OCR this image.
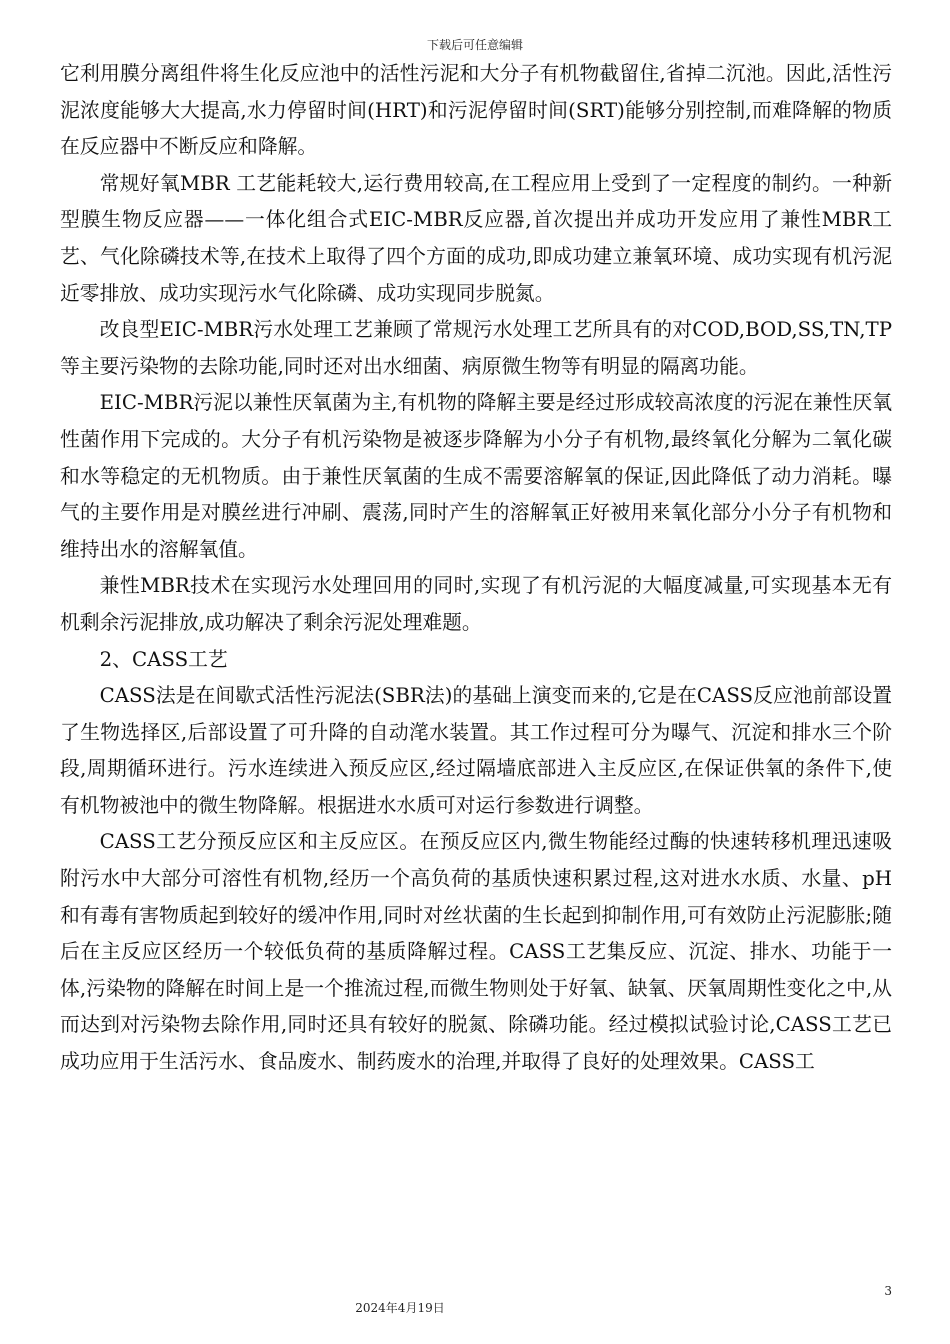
下载后可任意编辑

它利用膜分离组件将生化反应池中的活性污泥和大分子有机物截留住,省掉二沉池。因此,活性污泥浓度能够大大提高,水力停留时间(HRT)和污泥停留时间(SRT)能够分别控制,而难降解的物质在反应器中不断反应和降解。

常规好氧MBR 工艺能耗较大,运行费用较高,在工程应用上受到了一定程度的制约。一种新型膜生物反应器——一体化组合式EIC-MBR反应器,首次提出并成功开发应用了兼性MBR工艺、气化除磷技术等,在技术上取得了四个方面的成功,即成功建立兼氧环境、成功实现有机污泥近零排放、成功实现污水气化除磷、成功实现同步脱氮。

改良型EIC-MBR污水处理工艺兼顾了常规污水处理工艺所具有的对COD,BOD,SS,TN,TP等主要污染物的去除功能,同时还对出水细菌、病原微生物等有明显的隔离功能。

EIC-MBR污泥以兼性厌氧菌为主,有机物的降解主要是经过形成较高浓度的污泥在兼性厌氧性菌作用下完成的。大分子有机污染物是被逐步降解为小分子有机物,最终氧化分解为二氧化碳和水等稳定的无机物质。由于兼性厌氧菌的生成不需要溶解氧的保证,因此降低了动力消耗。曝气的主要作用是对膜丝进行冲刷、震荡,同时产生的溶解氧正好被用来氧化部分小分子有机物和维持出水的溶解氧值。

兼性MBR技术在实现污水处理回用的同时,实现了有机污泥的大幅度减量,可实现基本无有机剩余污泥排放,成功解决了剩余污泥处理难题。

2、CASS工艺

CASS法是在间歇式活性污泥法(SBR法)的基础上演变而来的,它是在CASS反应池前部设置了生物选择区,后部设置了可升降的自动滗水装置。其工作过程可分为曝气、沉淀和排水三个阶段,周期循环进行。污水连续进入预反应区,经过隔墙底部进入主反应区,在保证供氧的条件下,使有机物被池中的微生物降解。根据进水水质可对运行参数进行调整。

CASS工艺分预反应区和主反应区。在预反应区内,微生物能经过酶的快速转移机理迅速吸附污水中大部分可溶性有机物,经历一个高负荷的基质快速积累过程,这对进水水质、水量、pH和有毒有害物质起到较好的缓冲作用,同时对丝状菌的生长起到抑制作用,可有效防止污泥膨胀;随后在主反应区经历一个较低负荷的基质降解过程。CASS工艺集反应、沉淀、排水、功能于一体,污染物的降解在时间上是一个推流过程,而微生物则处于好氧、缺氧、厌氧周期性变化之中,从而达到对污染物去除作用,同时还具有较好的脱氮、除磷功能。经过模拟试验讨论,CASS工艺已成功应用于生活污水、食品废水、制药废水的治理,并取得了良好的处理效果。CASS工

3
2024年4月19日
